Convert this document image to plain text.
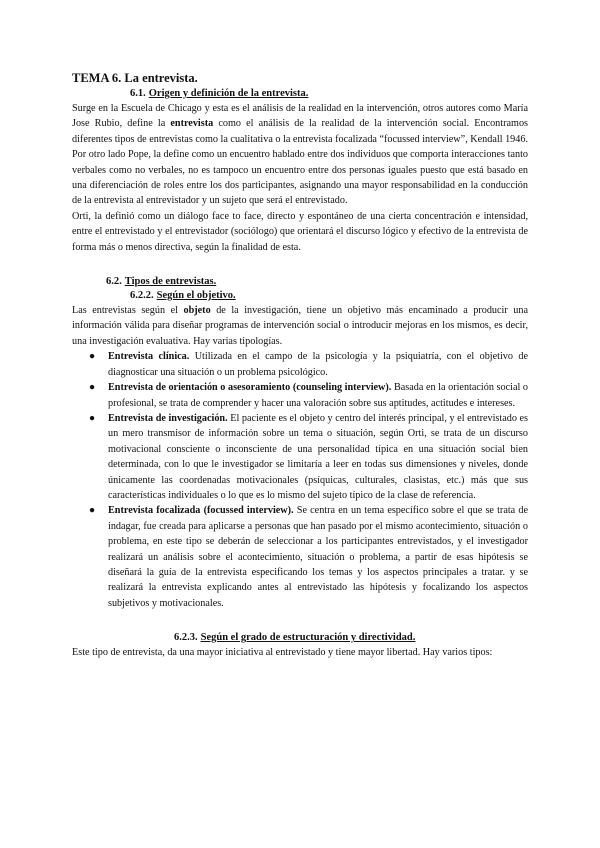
TEMA 6. La entrevista.
6.1. Origen y definición de la entrevista.

Surge en la Escuela de Chicago y esta es el análisis de la realidad en la intervención, otros autores como María Jose Rubio, define la entrevista como el análisis de la realidad de la intervención social. Encontramos diferentes tipos de entrevistas como la cualitativa o la entrevista focalizada “focussed interview”, Kendall 1946.

Por otro lado Pope, la define como un encuentro hablado entre dos individuos que comporta interacciones tanto verbales como no verbales, no es tampoco un encuentro entre dos personas iguales puesto que está basado en una diferenciación de roles entre los dos participantes, asignando una mayor responsabilidad en la conducción de la entrevista al entrevistador y un sujeto que será el entrevistado.

Orti, la definió como un diálogo face to face, directo y espontáneo de una cierta concentración e intensidad, entre el entrevistado y el entrevistador (sociólogo) que orientará el discurso lógico y efectivo de la entrevista de forma más o menos directiva, según la finalidad de esta.

6.2. Tipos de entrevistas.
6.2.2. Según el objetivo.

Las entrevistas según el objeto de la investigación, tiene un objetivo más encaminado a producir una información válida para diseñar programas de intervención social o introducir mejoras en los mismos, es decir, una investigación evaluativa. Hay varias tipologías.

● Entrevista clínica. Utilizada en el campo de la psicología y la psiquiatría, con el objetivo de diagnosticar una situación o un problema psicológico.
● Entrevista de orientación o asesoramiento (counseling interview). Basada en la orientación social o profesional, se trata de comprender y hacer una valoración sobre sus aptitudes, actitudes e intereses.
● Entrevista de investigación. El paciente es el objeto y centro del interés principal, y el entrevistado es un mero transmisor de información sobre un tema o situación, según Orti, se trata de un discurso motivacional consciente o inconsciente de una personalidad típica en una situación social bien determinada, con lo que le investigador se limitaría a leer en todas sus dimensiones y niveles, donde únicamente las coordenadas motivacionales (psíquicas, culturales, clasistas, etc.) más que sus características individuales o lo que es lo mismo del sujeto típico de la clase de referencia.
● Entrevista focalizada (focussed interview). Se centra en un tema específico sobre el que se trata de indagar, fue creada para aplicarse a personas que han pasado por el mismo acontecimiento, situación o problema, en este tipo se deberán de seleccionar a los participantes entrevistados, y el investigador realizará un análisis sobre el acontecimiento, situación o problema, a partir de esas hipótesis se diseñará la guía de la entrevista especificando los temas y los aspectos principales a tratar. y se realizará la entrevista explicando antes al entrevistado las hipótesis y focalizando los aspectos subjetivos y motivacionales.
6.2.3. Según el grado de estructuración y directividad.

Este tipo de entrevista, da una mayor iniciativa al entrevistado y tiene mayor libertad. Hay varios tipos:
